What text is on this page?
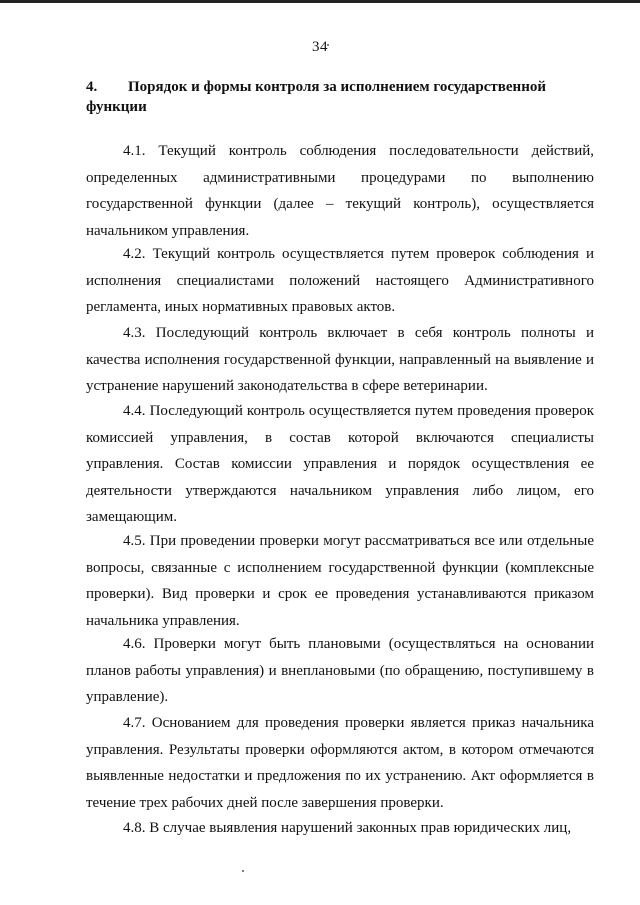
34
4. Порядок и формы контроля за исполнением государственной функции

4.1. Текущий контроль соблюдения последовательности действий, определенных административными процедурами по выполнению государственной функции (далее – текущий контроль), осуществляется начальником управления.

4.2. Текущий контроль осуществляется путем проверок соблюдения и исполнения специалистами положений настоящего Административного регламента, иных нормативных правовых актов.

4.3. Последующий контроль включает в себя контроль полноты и качества исполнения государственной функции, направленный на выявление и устранение нарушений законодательства в сфере ветеринарии.

4.4. Последующий контроль осуществляется путем проведения проверок комиссией управления, в состав которой включаются специалисты управления. Состав комиссии управления и порядок осуществления ее деятельности утверждаются начальником управления либо лицом, его замещающим.

4.5. При проведении проверки могут рассматриваться все или отдельные вопросы, связанные с исполнением государственной функции (комплексные проверки). Вид проверки и срок ее проведения устанавливаются приказом начальника управления.

4.6. Проверки могут быть плановыми (осуществляться на основании планов работы управления) и внеплановыми (по обращению, поступившему в управление).

4.7. Основанием для проведения проверки является приказ начальника управления. Результаты проверки оформляются актом, в котором отмечаются выявленные недостатки и предложения по их устранению. Акт оформляется в течение трех рабочих дней после завершения проверки.

4.8. В случае выявления нарушений законных прав юридических лиц,
